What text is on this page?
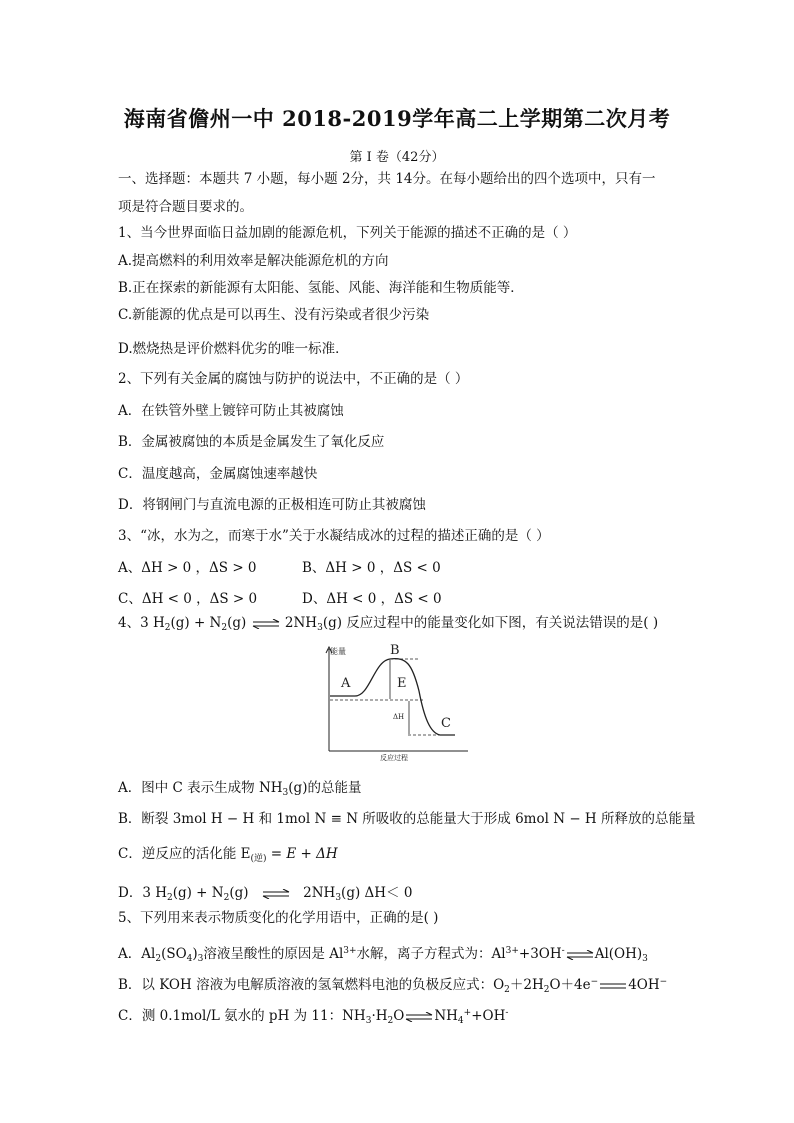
海南省儋州一中 2018-2019学年高二上学期第二次月考
第 I 卷（42分）
一、选择题：本题共 7 小题，每小题 2分，共 14分。在每小题给出的四个选项中，只有一
项是符合题目要求的。
1、当今世界面临日益加剧的能源危机，下列关于能源的描述不正确的是（ ）
A.提高燃料的利用效率是解决能源危机的方向
B.正在探索的新能源有太阳能、氢能、风能、海洋能和生物质能等．
C.新能源的优点是可以再生、没有污染或者很少污染
D.燃烧热是评价燃料优劣的唯一标准．
2、下列有关金属的腐蚀与防护的说法中，不正确的是（ ）
A．在铁管外壁上镀锌可防止其被腐蚀
B．金属被腐蚀的本质是金属发生了氧化反应
C．温度越高，金属腐蚀速率越快
D．将钢闸门与直流电源的正极相连可防止其被腐蚀
3、“冰，水为之，而寒于水”关于水凝结成冰的过程的描述正确的是（ ）
A、ΔH > 0 ，ΔS > 0	B、ΔH > 0 ，ΔS < 0
C、ΔH < 0 ，ΔS > 0	D、ΔH < 0 ，ΔS < 0
4、3 $H_2(g) + N_2(g)$ ⇌ $2NH_3(g)$ 反应过程中的能量变化如下图，有关说法错误的是( )
能量
反应过程
A
B
E
ΔH	C
A．图中 C 表示生成物 $NH_3(g)$的总能量
B．断裂 3mol H − H 和 1mol N ≡ N 所吸收的总能量大于形成 6mol N − H 所释放的总能量
C．逆反应的活化能 $E_{(逆)} = E + \Delta H$
D．3 $H_2(g) + N_2(g)$ ⇌ $2NH_3(g)$ ΔH＜ 0
5、下列用来表示物质变化的化学用语中，正确的是( )
A．$Al_2(SO_4)_3$溶液呈酸性的原因是 $Al^{3+}$水解，离子方程式为：$Al^{3+}+3OH^-\rightleftharpoons Al(OH)_3$
B．以 KOH 溶液为电解质溶液的氢氧燃料电池的负极反应式：$O_2+2H_2O+4e^-$ 4OH−
C．测 0.1mol/L 氨水的 pH 为 11：$NH_3\cdot H_2O\rightleftharpoons NH_4^++OH^-$
